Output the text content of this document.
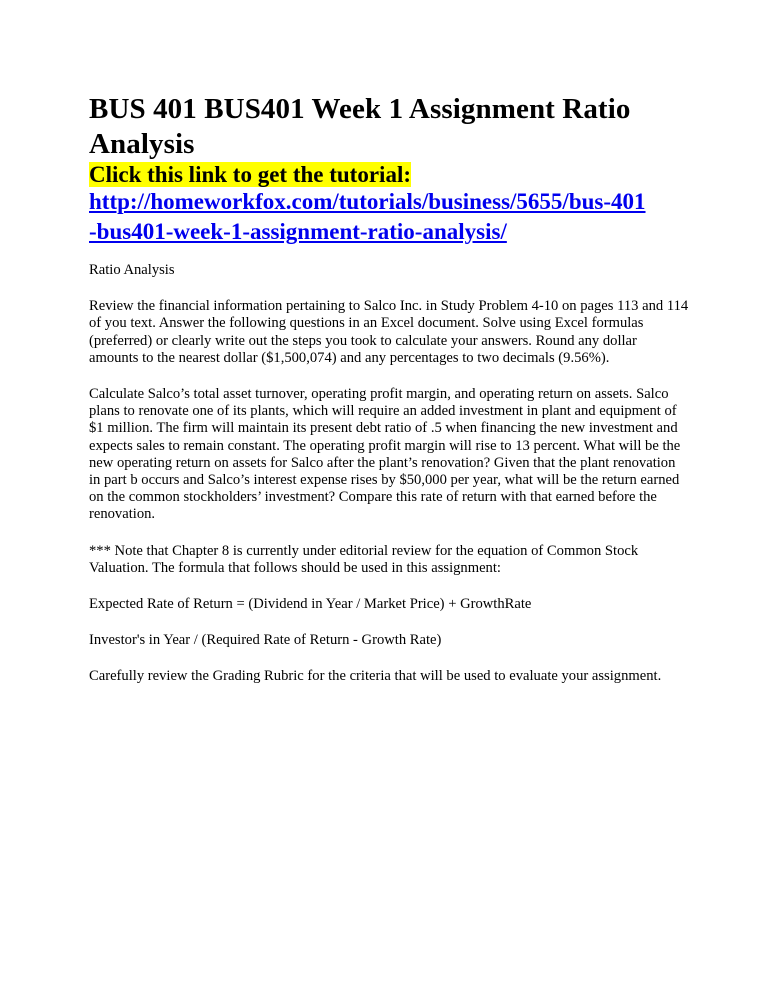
BUS 401 BUS401 Week 1 Assignment Ratio Analysis

Click this link to get the tutorial:

http://homeworkfox.com/tutorials/business/5655/bus-401-bus401-week-1-assignment-ratio-analysis/

Ratio Analysis

Review the financial information pertaining to Salco Inc. in Study Problem 4-10 on pages 113 and 114 of you text. Answer the following questions in an Excel document. Solve using Excel formulas (preferred) or clearly write out the steps you took to calculate your answers. Round any dollar amounts to the nearest dollar ($1,500,074) and any percentages to two decimals (9.56%).

Calculate Salco’s total asset turnover, operating profit margin, and operating return on assets. Salco plans to renovate one of its plants, which will require an added investment in plant and equipment of $1 million. The firm will maintain its present debt ratio of .5 when financing the new investment and expects sales to remain constant. The operating profit margin will rise to 13 percent. What will be the new operating return on assets for Salco after the plant’s renovation? Given that the plant renovation in part b occurs and Salco’s interest expense rises by $50,000 per year, what will be the return earned on the common stockholders’ investment? Compare this rate of return with that earned before the renovation.

*** Note that Chapter 8 is currently under editorial review for the equation of Common Stock Valuation. The formula that follows should be used in this assignment:

Expected Rate of Return = (Dividend in Year / Market Price) + GrowthRate

Investor's in Year / (Required Rate of Return - Growth Rate)

Carefully review the Grading Rubric for the criteria that will be used to evaluate your assignment.
